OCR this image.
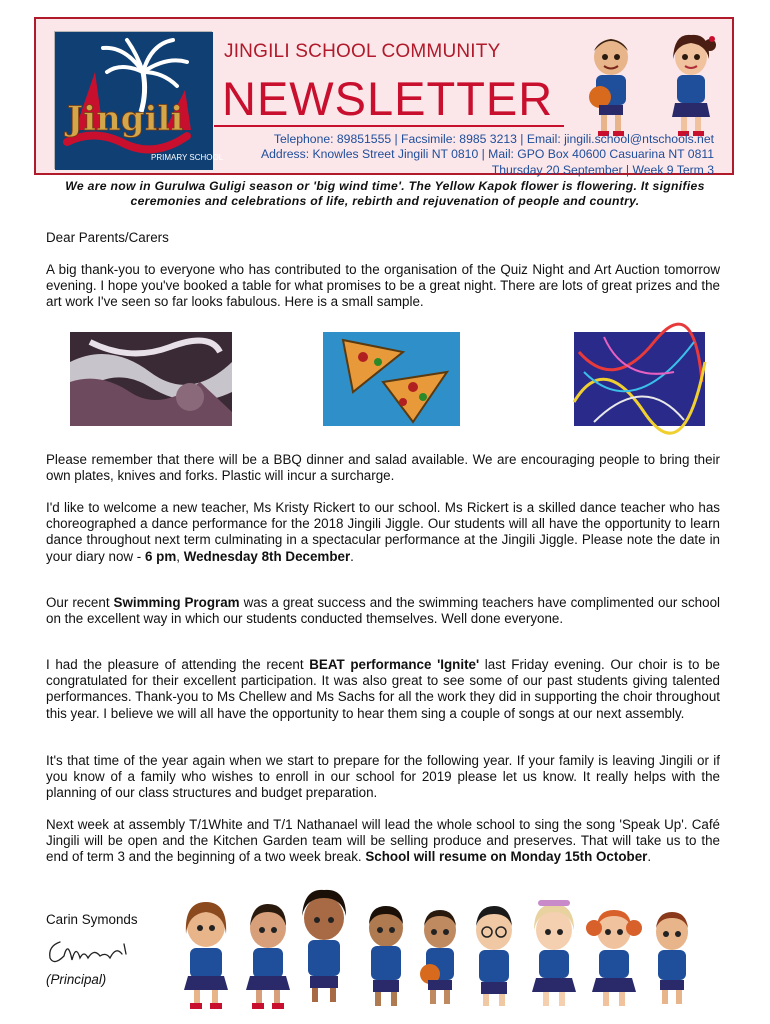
Jingili
PRIMARY SCHOOL
JINGILI SCHOOL COMMUNITY
NEWSLETTER
Telephone: 89851555 | Facsimile: 8985 3213 | Email: jingili.school@ntschools.net
Address: Knowles Street Jingili NT 0810 | Mail: GPO Box 40600 Casuarina NT 0811
Thursday 20 September | Week 9 Term 3
We are now in Gurulwa Guligi season or 'big wind time'. The Yellow Kapok flower is flowering. It signifies ceremonies and celebrations of life, rebirth and rejuvenation of people and country.
Dear Parents/Carers
A big thank-you to everyone who has contributed to the organisation of the Quiz Night and Art Auction tomorrow evening. I hope you've booked a table for what promises to be a great night. There are lots of great prizes and the art work I've seen so far looks fabulous. Here is a small sample.
Please remember that there will be a BBQ dinner and salad available. We are encouraging people to bring their own plates, knives and forks. Plastic will incur a surcharge.
I'd like to welcome a new teacher, Ms Kristy Rickert to our school. Ms Rickert is a skilled dance teacher who has choreographed a dance performance for the 2018 Jingili Jiggle. Our students will all have the opportunity to learn dance throughout next term culminating in a spectacular performance at the Jingili Jiggle. Please note the date in your diary now - 6 pm, Wednesday 8th December.
Our recent Swimming Program was a great success and the swimming teachers have complimented our school on the excellent way in which our students conducted themselves. Well done everyone.
I had the pleasure of attending the recent BEAT performance 'Ignite' last Friday evening. Our choir is to be congratulated for their excellent participation. It was also great to see some of our past students giving talented performances. Thank-you to Ms Chellew and Ms Sachs for all the work they did in supporting the choir throughout this year. I believe we will all have the opportunity to hear them sing a couple of songs at our next assembly.
It's that time of the year again when we start to prepare for the following year. If your family is leaving Jingili or if you know of a family who wishes to enroll in our school for 2019 please let us know. It really helps with the planning of our class structures and budget preparation.
Next week at assembly T/1White and T/1 Nathanael will lead the whole school to sing the song 'Speak Up'. Café Jingili will be open and the Kitchen Garden team will be selling produce and preserves. That will take us to the end of term 3 and the beginning of a two week break. School will resume on Monday 15th October.
Carin Symonds
(Principal)
